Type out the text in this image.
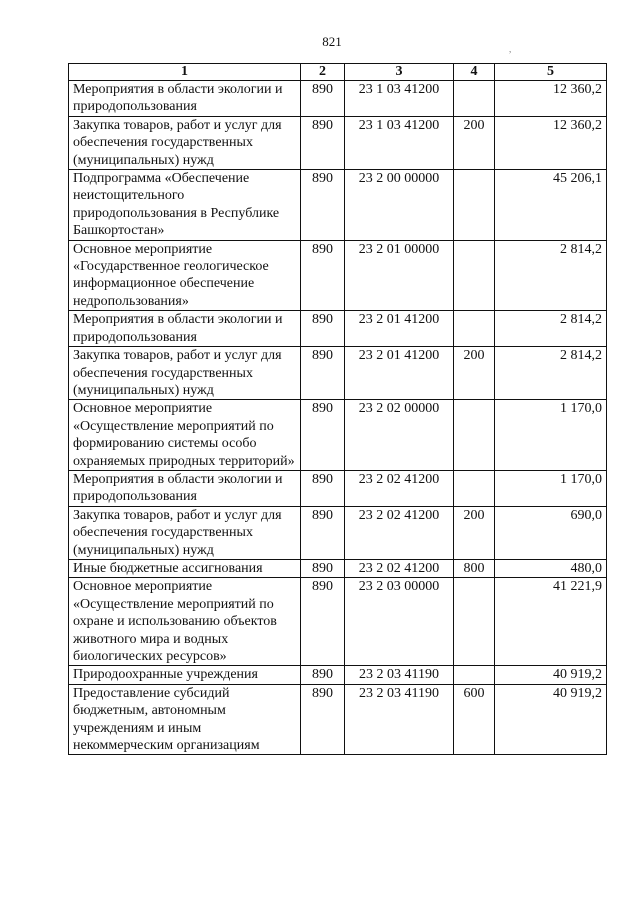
821	,
1	2	3	4	5
Мероприятия в области экологии и природопользования	890	23 1 03 41200		12 360,2
Закупка товаров, работ и услуг для обеспечения государственных (муниципальных) нужд	890	23 1 03 41200	200	12 360,2
Подпрограмма «Обеспечение неистощительного природопользования в Республике Башкортостан»	890	23 2 00 00000		45 206,1
Основное мероприятие «Государственное геологическое информационное обеспечение недропользования»	890	23 2 01 00000		2 814,2
Мероприятия в области экологии и природопользования	890	23 2 01 41200		2 814,2
Закупка товаров, работ и услуг для обеспечения государственных (муниципальных) нужд	890	23 2 01 41200	200	2 814,2
Основное мероприятие «Осуществление мероприятий по формированию системы особо охраняемых природных территорий»	890	23 2 02 00000		1 170,0
Мероприятия в области экологии и природопользования	890	23 2 02 41200		1 170,0
Закупка товаров, работ и услуг для обеспечения государственных (муниципальных) нужд	890	23 2 02 41200	200	690,0
Иные бюджетные ассигнования	890	23 2 02 41200	800	480,0
Основное мероприятие «Осуществление мероприятий по охране и использованию объектов животного мира и водных биологических ресурсов»	890	23 2 03 00000		41 221,9
Природоохранные учреждения	890	23 2 03 41190		40 919,2
Предоставление субсидий бюджетным, автономным учреждениям и иным некоммерческим организациям	890	23 2 03 41190	600	40 919,2
